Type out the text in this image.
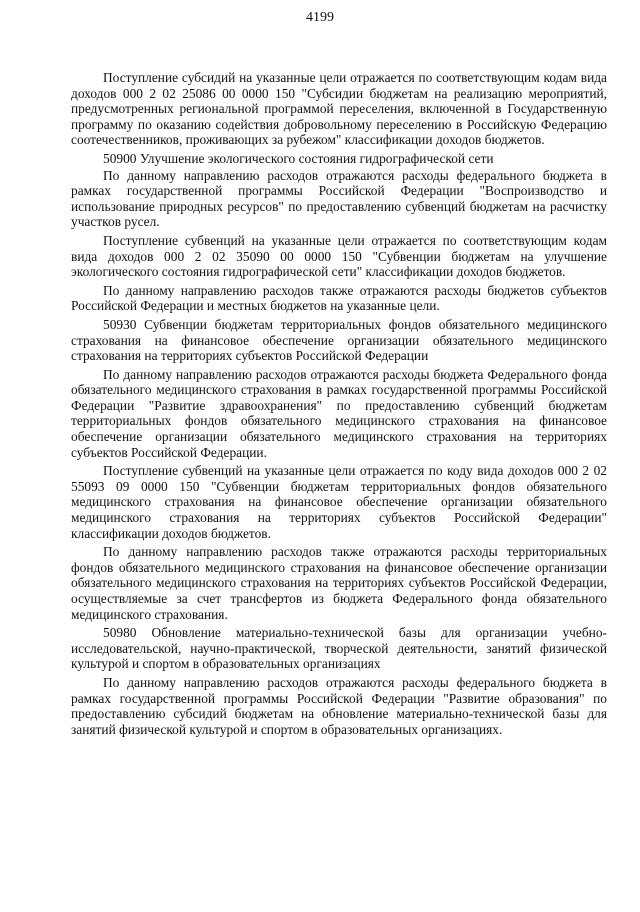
4199

Поступление субсидий на указанные цели отражается по соответствующим кодам вида доходов 000 2 02 25086 00 0000 150 "Субсидии бюджетам на реализацию мероприятий, предусмотренных региональной программой переселения, включенной в Государственную программу по оказанию содействия добровольному переселению в Российскую Федерацию соотечественников, проживающих за рубежом" классификации доходов бюджетов.

50900 Улучшение экологического состояния гидрографической сети

По данному направлению расходов отражаются расходы федерального бюджета в рамках государственной программы Российской Федерации "Воспроизводство и использование природных ресурсов" по предоставлению субвенций бюджетам на расчистку участков русел.

Поступление субвенций на указанные цели отражается по соответствующим кодам вида доходов 000 2 02 35090 00 0000 150 "Субвенции бюджетам на улучшение экологического состояния гидрографической сети" классификации доходов бюджетов.

По данному направлению расходов также отражаются расходы бюджетов субъектов Российской Федерации и местных бюджетов на указанные цели.

50930 Субвенции бюджетам территориальных фондов обязательного медицинского страхования на финансовое обеспечение организации обязательного медицинского страхования на территориях субъектов Российской Федерации

По данному направлению расходов отражаются расходы бюджета Федерального фонда обязательного медицинского страхования в рамках государственной программы Российской Федерации "Развитие здравоохранения" по предоставлению субвенций бюджетам территориальных фондов обязательного медицинского страхования на финансовое обеспечение организации обязательного медицинского страхования на территориях субъектов Российской Федерации.

Поступление субвенций на указанные цели отражается по коду вида доходов 000 2 02 55093 09 0000 150 "Субвенции бюджетам территориальных фондов обязательного медицинского страхования на финансовое обеспечение организации обязательного медицинского страхования на территориях субъектов Российской Федерации" классификации доходов бюджетов.

По данному направлению расходов также отражаются расходы территориальных фондов обязательного медицинского страхования на финансовое обеспечение организации обязательного медицинского страхования на территориях субъектов Российской Федерации, осуществляемые за счет трансфертов из бюджета Федерального фонда обязательного медицинского страхования.

50980 Обновление материально-технической базы для организации учебно-исследовательской, научно-практической, творческой деятельности, занятий физической культурой и спортом в образовательных организациях

По данному направлению расходов отражаются расходы федерального бюджета в рамках государственной программы Российской Федерации "Развитие образования" по предоставлению субсидий бюджетам на обновление материально-технической базы для занятий физической культурой и спортом в образовательных организациях.
